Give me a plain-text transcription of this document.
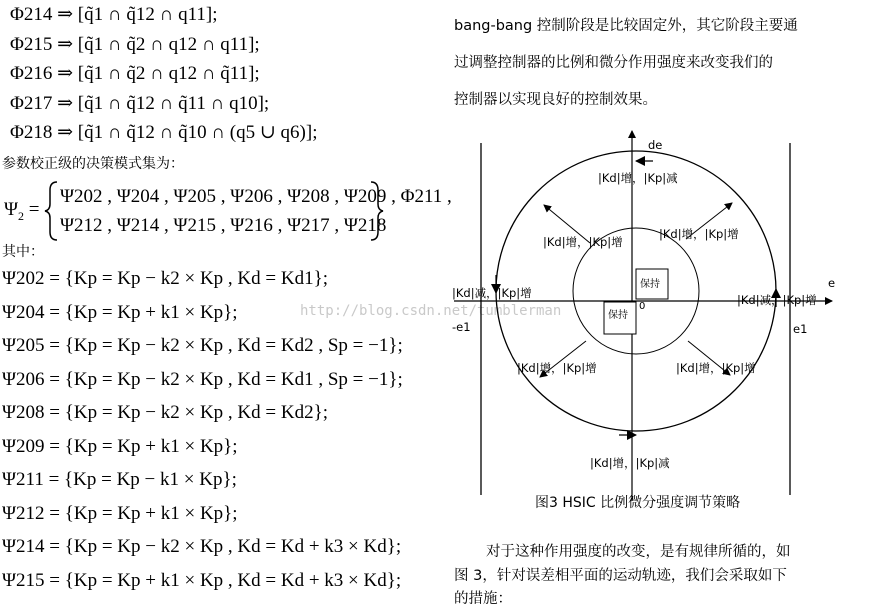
参数校正级的决策模式集为：
$\Psi_2$ =
Ψ202 , Ψ204 , Ψ205 , Ψ206 , Ψ208 , Ψ209 , Φ211 ,
Ψ212 , Ψ214 , Ψ215 , Ψ216 , Ψ217 , Ψ218
其中：
http://blog.csdn.net/tumblerman
bang-bang 控制阶段是比较固定外，其它阶段主要通
过调整控制器的比例和微分作用强度来改变我们的
控制器以实现良好的控制效果。
de
e
e1
-e1
0
保持
保持
|Kd|增，|Kp|减
|Kd|增，|Kp|减
|Kd|减，|Kp|增	|Kd|减，|Kp|增
|Kd|增，|Kp|增
|Kd|增，|Kp|增
|Kd|增，|Kp|增	|Kd|增，|Kp|增
图3 HSIC 比例微分强度调节策略
对于这种作用强度的改变，是有规律所循的，如
图 3，针对误差相平面的运动轨迹，我们会采取如下
的措施：
Φ214 ⇒ [q̃1 ∩ q̃12 ∩ q11];
Φ215 ⇒ [q̃1 ∩ q̃2 ∩ q12 ∩ q11];
Φ216 ⇒ [q̃1 ∩ q̃2 ∩ q12 ∩ q̃11];
Φ217 ⇒ [q̃1 ∩ q̃12 ∩ q̃11 ∩ q10];
Φ218 ⇒ [q̃1 ∩ q̃12 ∩ q̃10 ∩ (q5 ∪ q6)];
Ψ202 = {Kp = Kp − k2 × Kp , Kd = Kd1};
Ψ204 = {Kp = Kp + k1 × Kp};
Ψ205 = {Kp = Kp − k2 × Kp , Kd = Kd2 , Sp = −1};
Ψ206 = {Kp = Kp − k2 × Kp , Kd = Kd1 , Sp = −1};
Ψ208 = {Kp = Kp − k2 × Kp , Kd = Kd2};
Ψ209 = {Kp = Kp + k1 × Kp};
Ψ211 = {Kp = Kp − k1 × Kp};
Ψ212 = {Kp = Kp + k1 × Kp};
Ψ214 = {Kp = Kp − k2 × Kp , Kd = Kd + k3 × Kd};
Ψ215 = {Kp = Kp + k1 × Kp , Kd = Kd + k3 × Kd};
